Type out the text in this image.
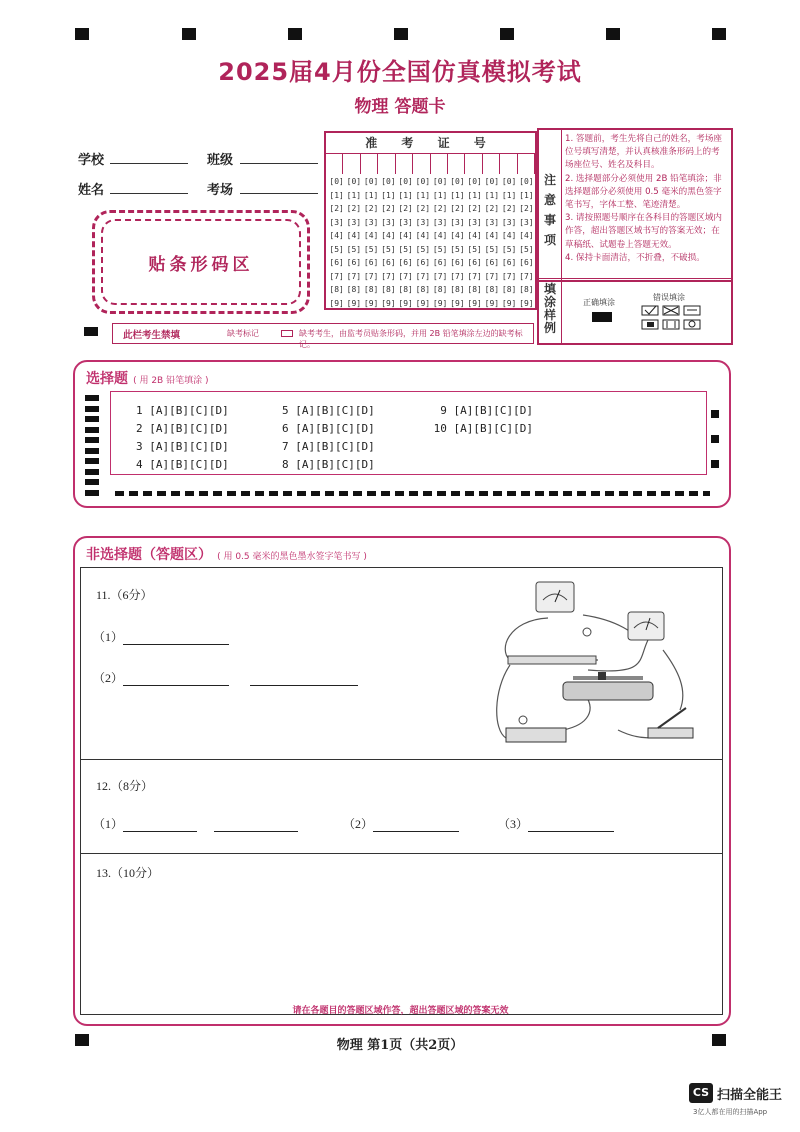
2025届4月份全国仿真模拟考试
物理 答题卡
学校	班级
姓名	考场
贴条形码区
准 考 证 号
[0] [0] [0] [0] [0] [0] [0] [0] [0] [0] [0] [0]
[1] [1] [1] [1] [1] [1] [1] [1] [1] [1] [1] [1]
[2] [2] [2] [2] [2] [2] [2] [2] [2] [2] [2] [2]
[3] [3] [3] [3] [3] [3] [3] [3] [3] [3] [3] [3]
[4] [4] [4] [4] [4] [4] [4] [4] [4] [4] [4] [4]
[5] [5] [5] [5] [5] [5] [5] [5] [5] [5] [5] [5]
[6] [6] [6] [6] [6] [6] [6] [6] [6] [6] [6] [6]
[7] [7] [7] [7] [7] [7] [7] [7] [7] [7] [7] [7]
[8] [8] [8] [8] [8] [8] [8] [8] [8] [8] [8] [8]
[9] [9] [9] [9] [9] [9] [9] [9] [9] [9] [9] [9]
注
意
事
项
1. 答题前，考生先将自己的姓名，考场座位号填写清楚，并认真核准条形码上的考场座位号、姓名及科目。
2. 选择题部分必须使用 2B 铅笔填涂；非选择题部分必须使用 0.5 毫米的黑色签字笔书写，字体工整、笔迹清楚。
3. 请按照题号顺序在各科目的答题区域内作答，超出答题区域书写的答案无效；在草稿纸、试题卷上答题无效。
4. 保持卡面清洁，不折叠，不破损。
填
涂
样
例
正确填涂
错误填涂
此栏考生禁填	缺考标记	缺考考生，由监考员贴条形码，并用 2B 铅笔填涂左边的缺考标记。
选择题 ( 用 2B 铅笔填涂 )
1 [A][B][C][D]
2 [A][B][C][D]
3 [A][B][C][D]
4 [A][B][C][D]
5 [A][B][C][D]
6 [A][B][C][D]
7 [A][B][C][D]
8 [A][B][C][D]
9 [A][B][C][D]
10 [A][B][C][D]
非选择题（答题区） ( 用 0.5 毫米的黑色墨水签字笔书写 )
11.（6分）
（1）
（2）
12.（8分）
（1）	（2）	（3）
13.（10分）
请在各题目的答题区域作答，超出答题区域的答案无效
物理 第1页（共2页）
CS 扫描全能王
3亿人都在用的扫描App
